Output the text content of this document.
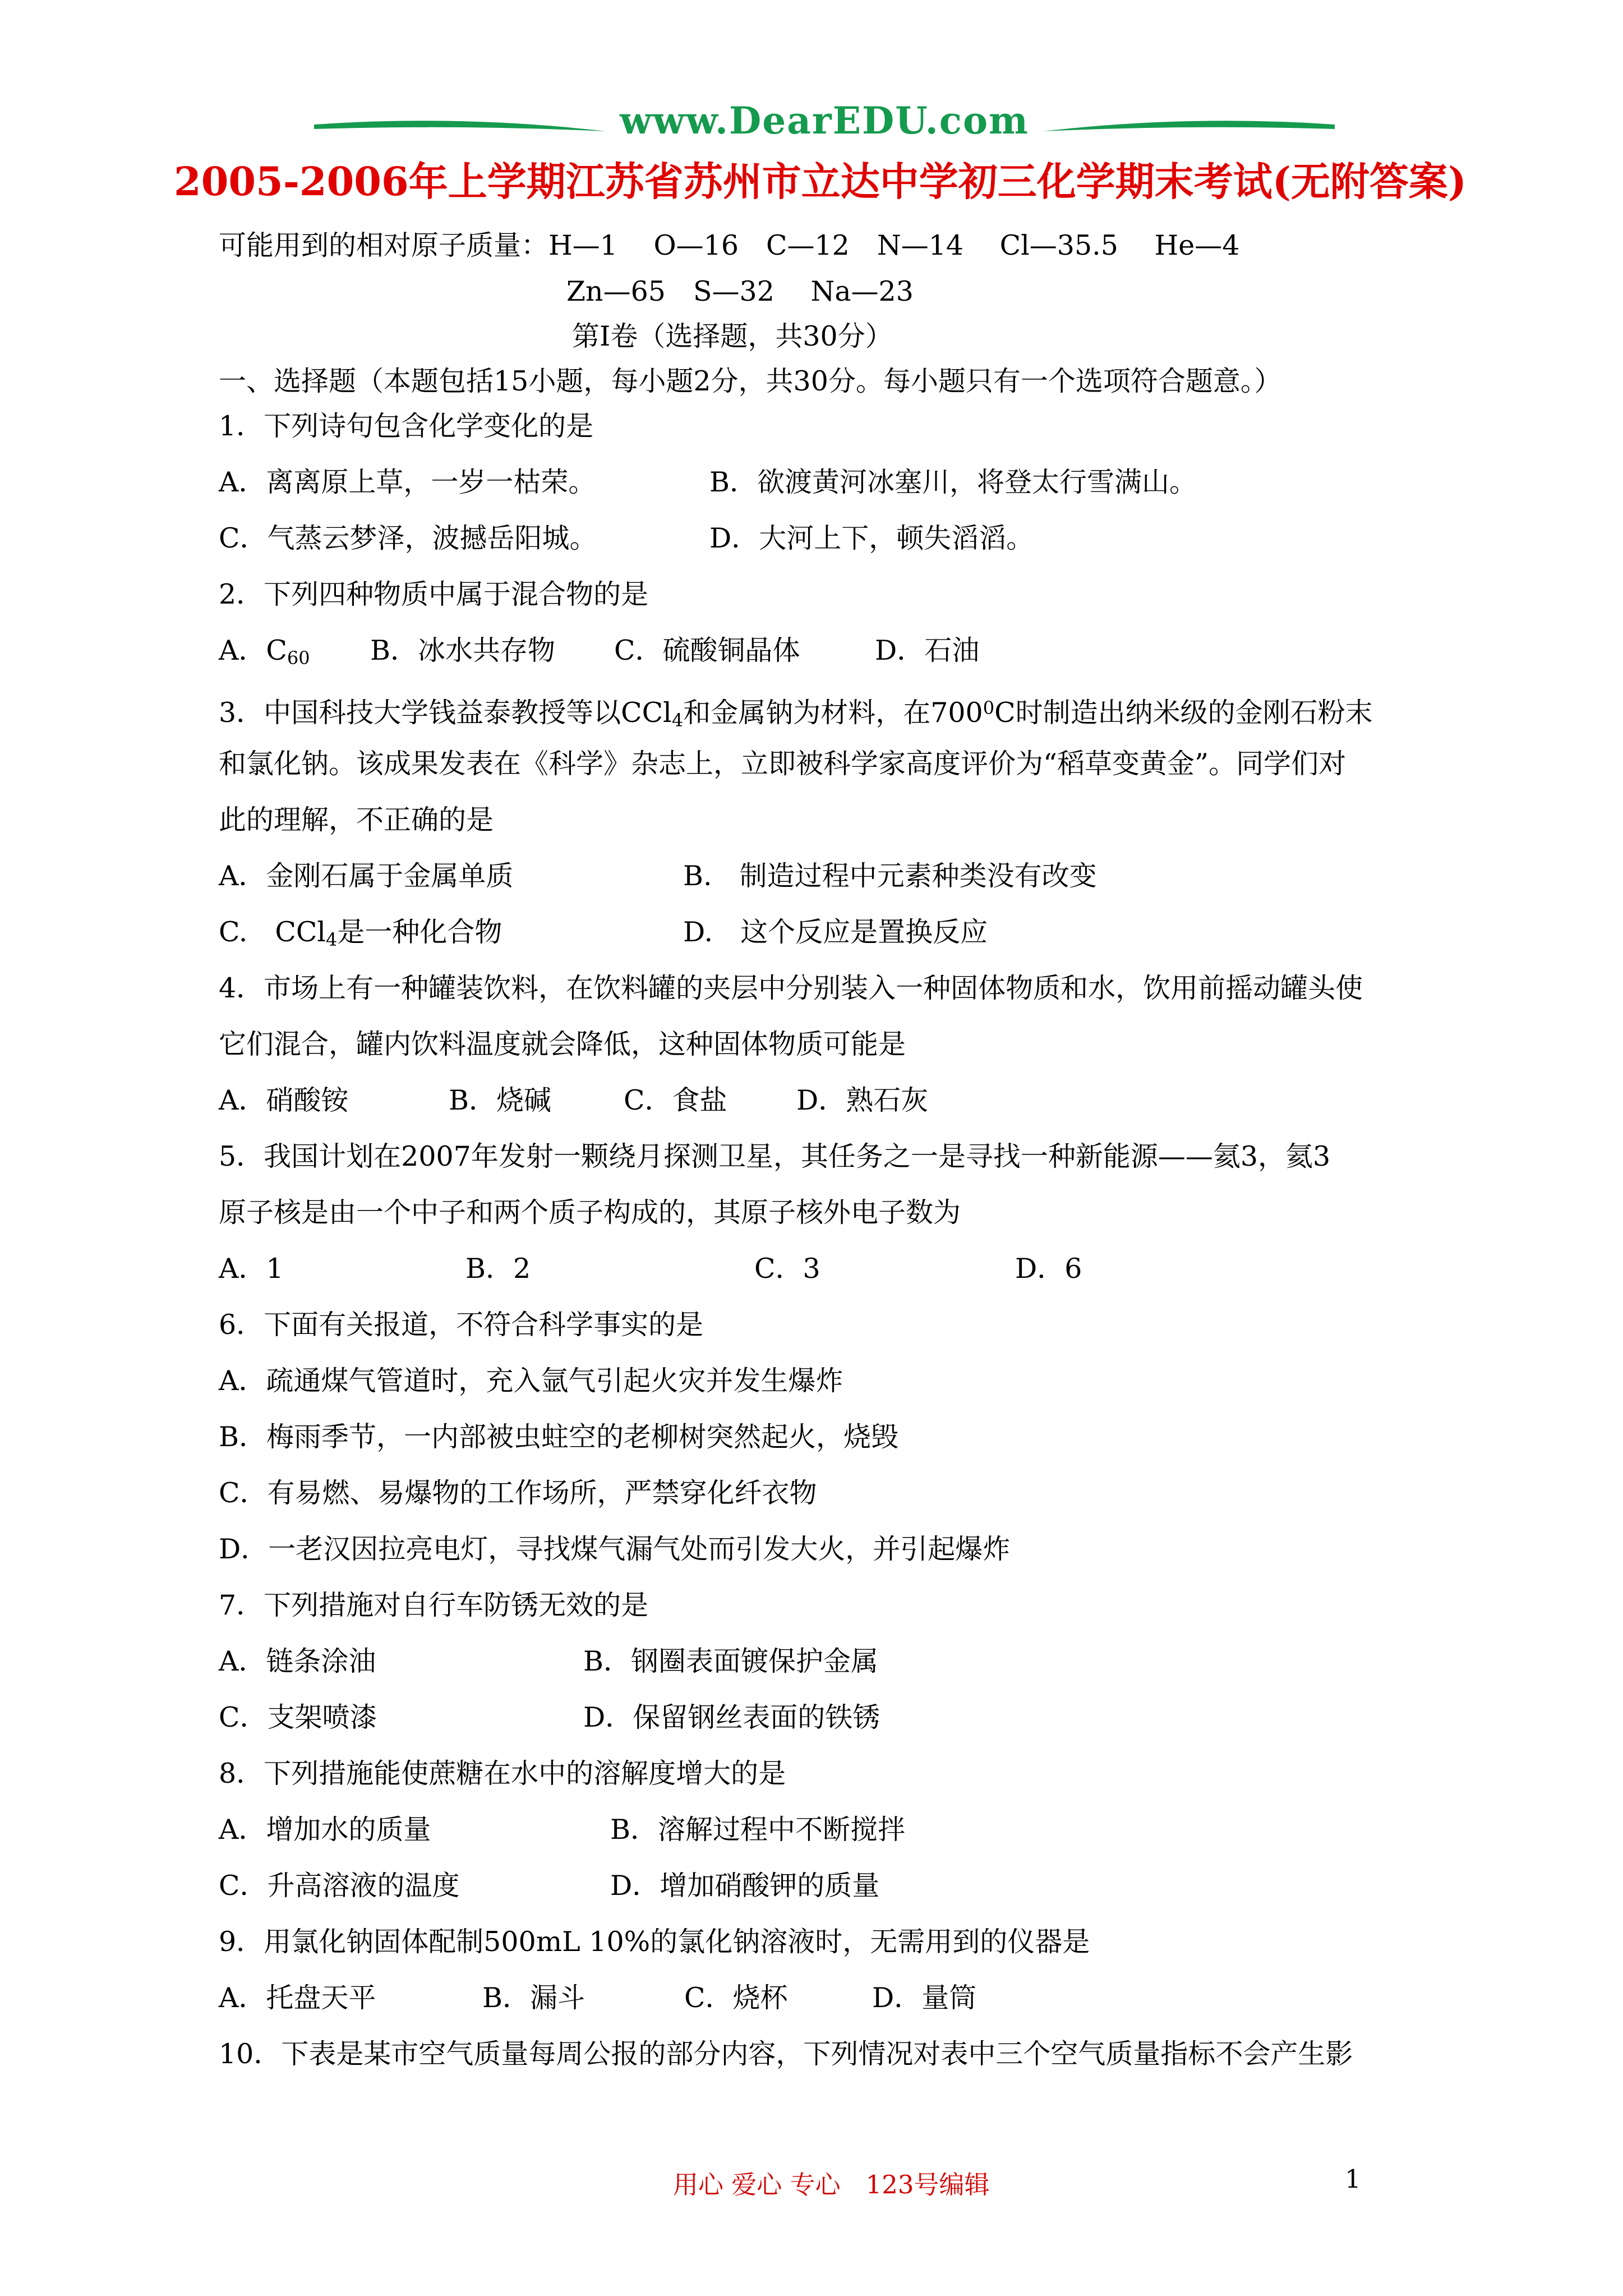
www.DearEDU.com
2005-2006年上学期江苏省苏州市立达中学初三化学期末考试(无附答案)
可能用到的相对原子质量：H—1　 O—16　C—12　N—14　 Cl—35.5　 He—4
Zn—65　S—32　 Na—23
第Ⅰ卷（选择题，共30分）
一、选择题（本题包括15小题，每小题2分，共30分。每小题只有一个选项符合题意。）
1．下列诗句包含化学变化的是
A．离离原上草，一岁一枯荣。	B．欲渡黄河冰塞川，将登太行雪满山。
C．气蒸云梦泽，波撼岳阳城。	D．大河上下，顿失滔滔。
2．下列四种物质中属于混合物的是
A．$C_{60}$ B．冰水共存物 C．硫酸铜晶体	D．石油
3．中国科技大学钱益泰教授等以CCl$_4$和金属钠为材料，在$700^0C$时制造出纳米级的金刚石粉末
和氯化钠。该成果发表在《科学》杂志上，立即被科学家高度评价为“稻草变黄金”。同学们对
此的理解，不正确的是
A．金刚石属于金属单质	B.　制造过程中元素种类没有改变
C.　CCl$_4$是一种化合物	D.　这个反应是置换反应
4．市场上有一种罐装饮料，在饮料罐的夹层中分别装入一种固体物质和水，饮用前摇动罐头使
它们混合，罐内饮料温度就会降低，这种固体物质可能是
A．硝酸铵	B．烧碱	C．食盐	D．熟石灰
5．我国计划在2007年发射一颗绕月探测卫星，其任务之一是寻找一种新能源——氦3，氦3
原子核是由一个中子和两个质子构成的，其原子核外电子数为
A．1	B．2	C．3	D．6
6．下面有关报道，不符合科学事实的是
A．疏通煤气管道时，充入氩气引起火灾并发生爆炸
B．梅雨季节，一内部被虫蛀空的老柳树突然起火，烧毁
C．有易燃、易爆物的工作场所，严禁穿化纤衣物
D．一老汉因拉亮电灯，寻找煤气漏气处而引发大火，并引起爆炸
7．下列措施对自行车防锈无效的是
A．链条涂油	B．钢圈表面镀保护金属
C．支架喷漆	D．保留钢丝表面的铁锈
8．下列措施能使蔗糖在水中的溶解度增大的是
A．增加水的质量	B．溶解过程中不断搅拌
C．升高溶液的温度	D．增加硝酸钾的质量
9．用氯化钠固体配制500mL 10%的氯化钠溶液时，无需用到的仪器是
A．托盘天平	B．漏斗	C．烧杯	D．量筒
10．下表是某市空气质量每周公报的部分内容，下列情况对表中三个空气质量指标不会产生影
用心 爱心 专心　123号编辑	1
